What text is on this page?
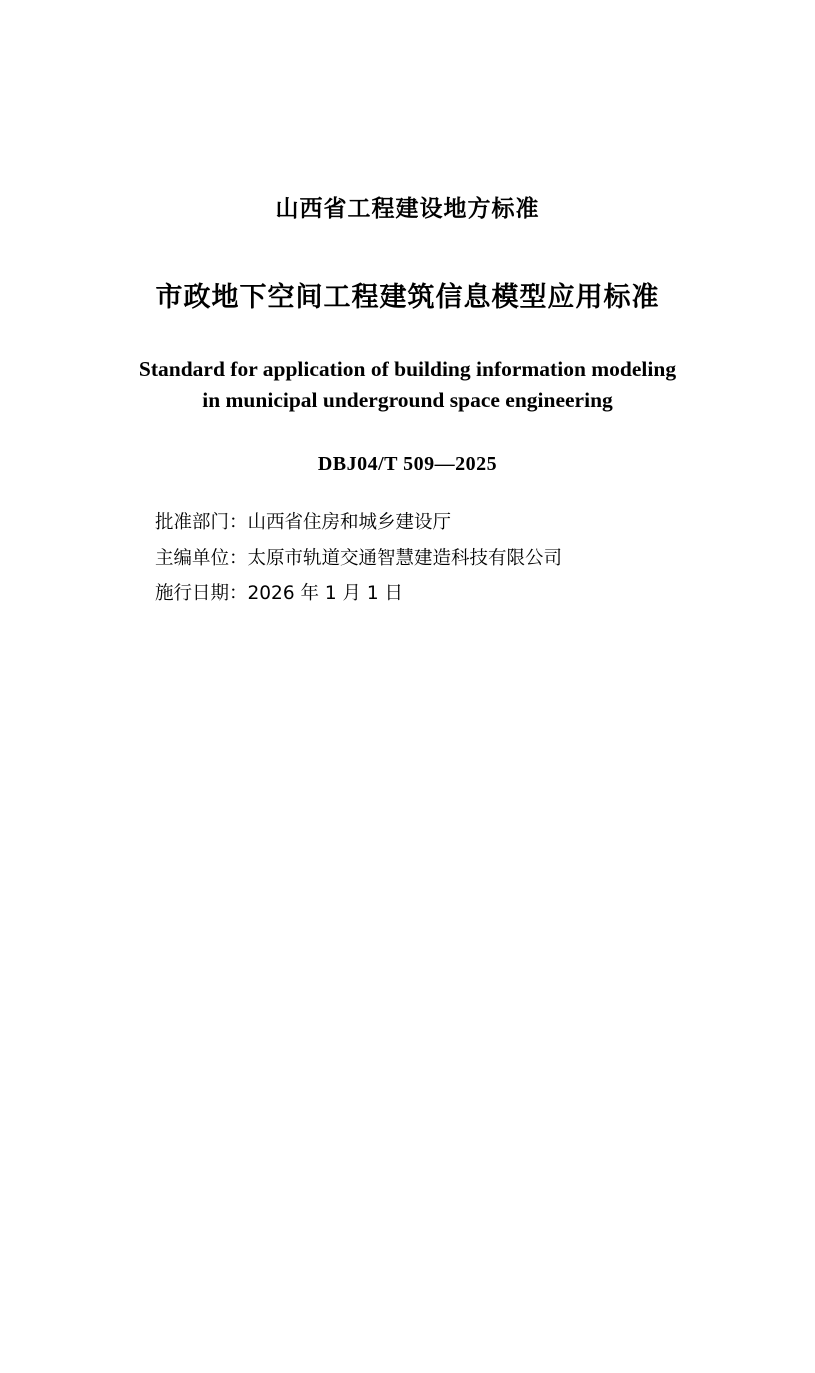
山西省工程建设地方标准
市政地下空间工程建筑信息模型应用标准
Standard for application of building information modeling
in municipal underground space engineering
DBJ04/T 509—2025
批准部门：山西省住房和城乡建设厅
主编单位：太原市轨道交通智慧建造科技有限公司
施行日期：2026 年 1 月 1 日
